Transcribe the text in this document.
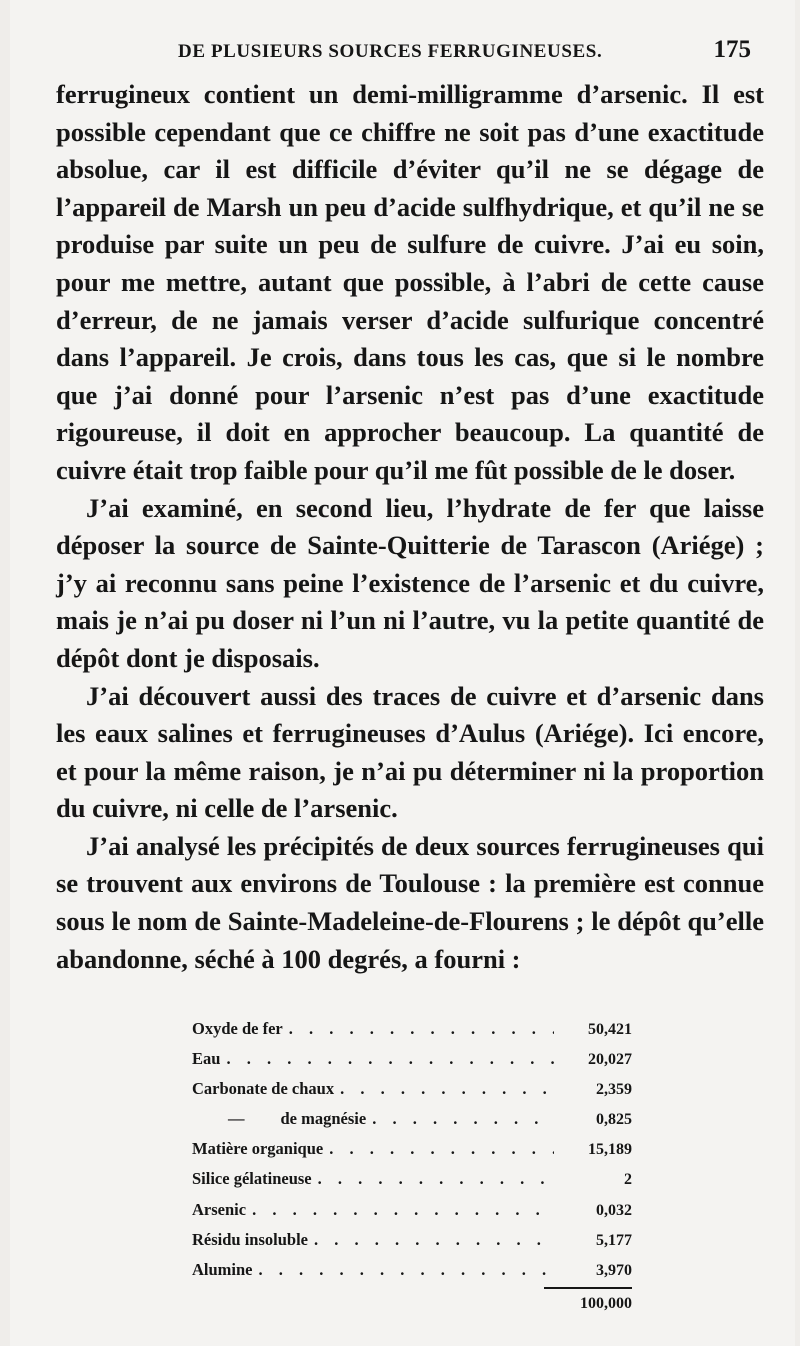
DE PLUSIEURS SOURCES FERRUGINEUSES.	175

ferrugineux contient un demi-milligramme d’arsenic. Il est possible cependant que ce chiffre ne soit pas d’une exactitude absolue, car il est difficile d’éviter qu’il ne se dégage de l’appareil de Marsh un peu d’acide sulfhydrique, et qu’il ne se produise par suite un peu de sulfure de cuivre. J’ai eu soin, pour me mettre, autant que possible, à l’abri de cette cause d’erreur, de ne jamais verser d’acide sulfurique concentré dans l’appareil. Je crois, dans tous les cas, que si le nombre que j’ai donné pour l’arsenic n’est pas d’une exactitude rigoureuse, il doit en approcher beaucoup. La quantité de cuivre était trop faible pour qu’il me fût possible de le doser.

J’ai examiné, en second lieu, l’hydrate de fer que laisse déposer la source de Sainte-Quitterie de Tarascon (Ariége) ; j’y ai reconnu sans peine l’existence de l’arsenic et du cuivre, mais je n’ai pu doser ni l’un ni l’autre, vu la petite quantité de dépôt dont je disposais.

J’ai découvert aussi des traces de cuivre et d’arsenic dans les eaux salines et ferrugineuses d’Aulus (Ariége). Ici encore, et pour la même raison, je n’ai pu déterminer ni la proportion du cuivre, ni celle de l’arsenic.

J’ai analysé les précipités de deux sources ferrugineuses qui se trouvent aux environs de Toulouse : la première est connue sous le nom de Sainte-Madeleine-de-Flourens ; le dépôt qu’elle abandonne, séché à 100 degrés, a fourni :

Oxyde de fer . . .	50,421
Eau . . .	20,027
Carbonate de chaux . . .	2,359
— de magnésie . . .	0,825
Matière organique . . .	15,189
Silice gélatineuse . . .	2
Arsenic . . .	0,032
Résidu insoluble . . .	5,177
Alumine . . .	3,970
100,000
